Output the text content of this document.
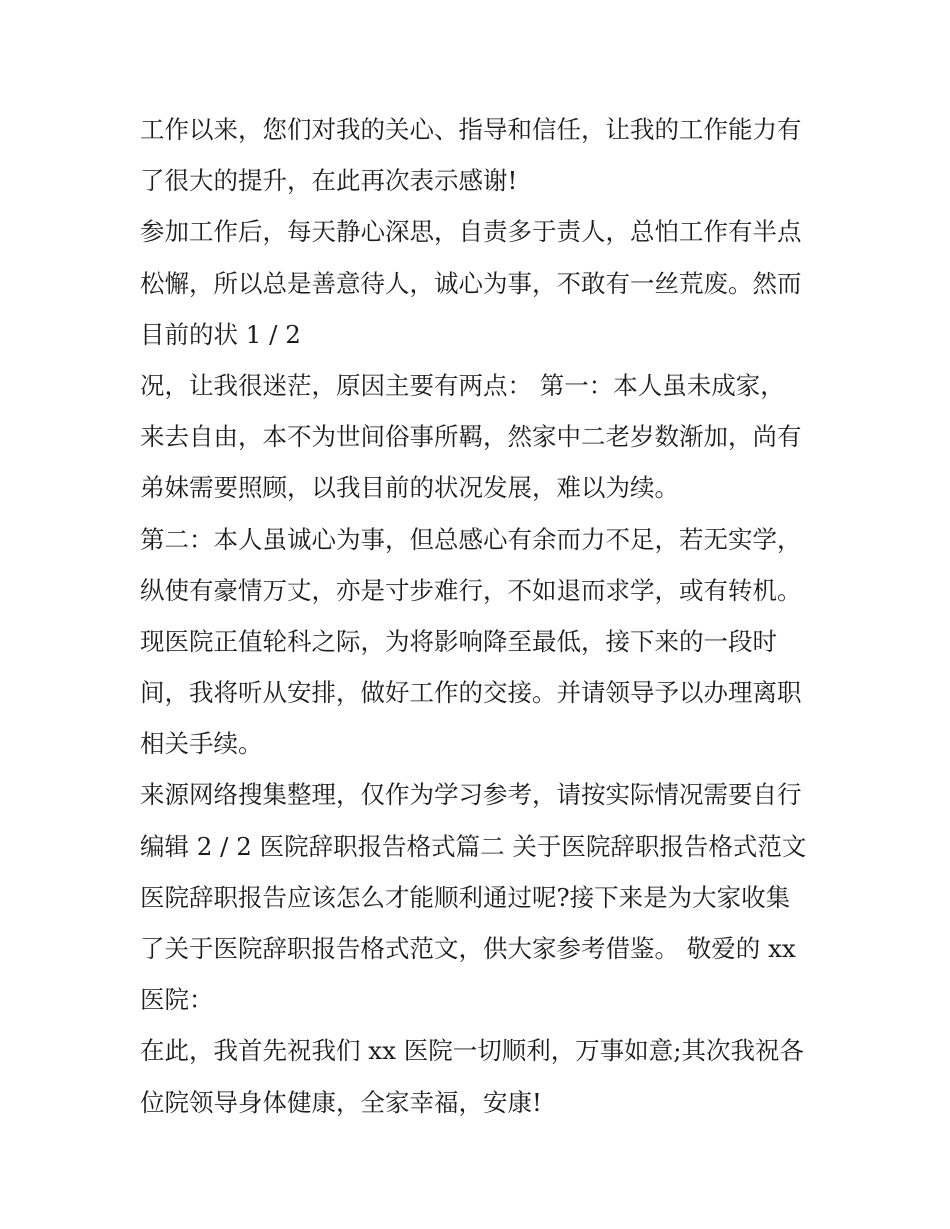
工作以来，您们对我的关心、指导和信任，让我的工作能力有
了很大的提升，在此再次表示感谢!
参加工作后，每天静心深思，自责多于责人，总怕工作有半点
松懈，所以总是善意待人，诚心为事，不敢有一丝荒废。然而
目前的状 1 / 2
况，让我很迷茫，原因主要有两点： 第一：本人虽未成家，
来去自由，本不为世间俗事所羁，然家中二老岁数渐加，尚有
弟妹需要照顾，以我目前的状况发展，难以为续。
第二：本人虽诚心为事，但总感心有余而力不足，若无实学，
纵使有豪情万丈，亦是寸步难行，不如退而求学，或有转机。
现医院正值轮科之际，为将影响降至最低，接下来的一段时
间，我将听从安排，做好工作的交接。并请领导予以办理离职
相关手续。
来源网络搜集整理，仅作为学习参考，请按实际情况需要自行
编辑 2 / 2 医院辞职报告格式篇二 关于医院辞职报告格式范文
医院辞职报告应该怎么才能顺利通过呢?接下来是为大家收集
了关于医院辞职报告格式范文，供大家参考借鉴。 敬爱的 xx
医院：
在此，我首先祝我们 xx 医院一切顺利，万事如意;其次我祝各
位院领导身体健康，全家幸福，安康!
